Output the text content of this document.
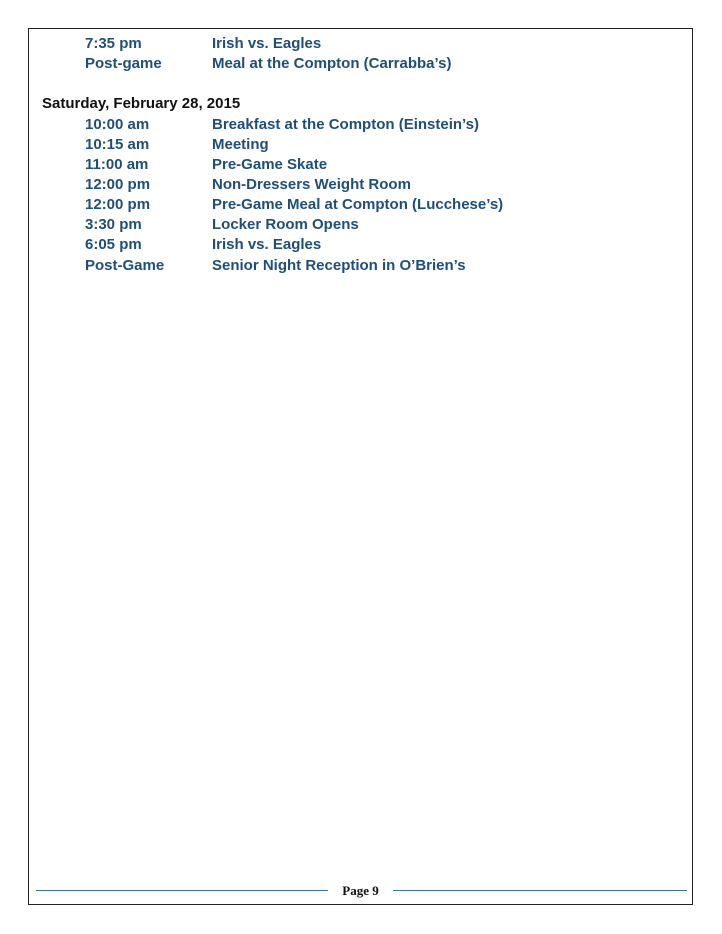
7:35 pm	Irish vs. Eagles
Post-game	Meal at the Compton (Carrabba’s)
Saturday, February 28, 2015
10:00 am	Breakfast at the Compton (Einstein’s)
10:15 am	Meeting
11:00 am	Pre-Game Skate
12:00 pm	Non-Dressers Weight Room
12:00 pm	Pre-Game Meal at Compton (Lucchese’s)
3:30 pm	Locker Room Opens
6:05 pm	Irish vs. Eagles
Post-Game	Senior Night Reception in O’Brien’s
Page 9
